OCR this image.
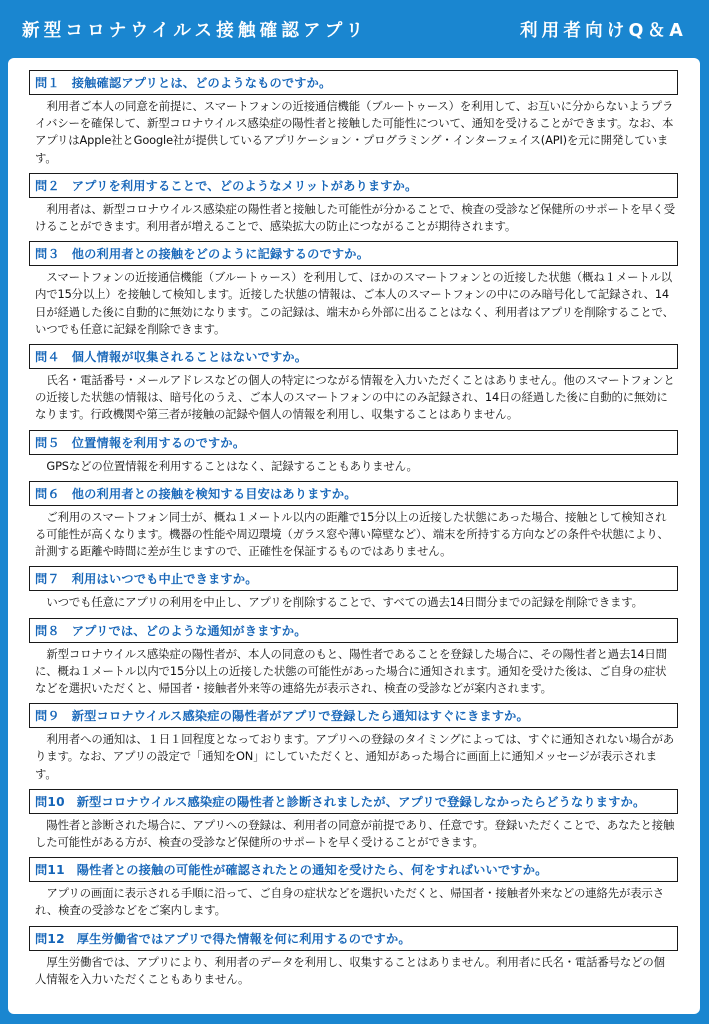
新型コロナウイルス接触確認アプリ	利用者向けQ＆A
問１ 接触確認アプリとは、どのようなものですか。

利用者ご本人の同意を前提に、スマートフォンの近接通信機能（ブルートゥース）を利用して、お互いに分からないようプライバシーを確保して、新型コロナウイルス感染症の陽性者と接触した可能性について、通知を受けることができます。なお、本アプリはApple社とGoogle社が提供しているアプリケーション・プログラミング・インターフェイス(API)を元に開発しています。

問２ アプリを利用することで、どのようなメリットがありますか。

利用者は、新型コロナウイルス感染症の陽性者と接触した可能性が分かることで、検査の受診など保健所のサポートを早く受けることができます。利用者が増えることで、感染拡大の防止につながることが期待されます。

問３ 他の利用者との接触をどのように記録するのですか。

スマートフォンの近接通信機能（ブルートゥース）を利用して、ほかのスマートフォンとの近接した状態（概ね１メートル以内で15分以上）を接触して検知します。近接した状態の情報は、ご本人のスマートフォンの中にのみ暗号化して記録され、14日が経過した後に自動的に無効になります。この記録は、端末から外部に出ることはなく、利用者はアプリを削除することで、いつでも任意に記録を削除できます。

問４ 個人情報が収集されることはないですか。

氏名・電話番号・メールアドレスなどの個人の特定につながる情報を入力いただくことはありません。他のスマートフォンとの近接した状態の情報は、暗号化のうえ、ご本人のスマートフォンの中にのみ記録され、14日の経過した後に自動的に無効になります。行政機関や第三者が接触の記録や個人の情報を利用し、収集することはありません。

問５ 位置情報を利用するのですか。

GPSなどの位置情報を利用することはなく、記録することもありません。

問６ 他の利用者との接触を検知する目安はありますか。

ご利用のスマートフォン同士が、概ね１メートル以内の距離で15分以上の近接した状態にあった場合、接触として検知される可能性が高くなります。機器の性能や周辺環境（ガラス窓や薄い障壁など）、端末を所持する方向などの条件や状態により、計測する距離や時間に差が生じますので、正確性を保証するものではありません。

問７ 利用はいつでも中止できますか。

いつでも任意にアプリの利用を中止し、アプリを削除することで、すべての過去14日間分までの記録を削除できます。

問８ アプリでは、どのような通知がきますか。

新型コロナウイルス感染症の陽性者が、本人の同意のもと、陽性者であることを登録した場合に、その陽性者と過去14日間に、概ね１メートル以内で15分以上の近接した状態の可能性があった場合に通知されます。通知を受けた後は、ご自身の症状などを選択いただくと、帰国者・接触者外来等の連絡先が表示され、検査の受診などが案内されます。

問９ 新型コロナウイルス感染症の陽性者がアプリで登録したら通知はすぐにきますか。

利用者への通知は、１日１回程度となっております。アプリへの登録のタイミングによっては、すぐに通知されない場合があります。なお、アプリの設定で「通知をON」にしていただくと、通知があった場合に画面上に通知メッセージが表示されます。

問10 新型コロナウイルス感染症の陽性者と診断されましたが、アプリで登録しなかったらどうなりますか。

陽性者と診断された場合に、アプリへの登録は、利用者の同意が前提であり、任意です。登録いただくことで、あなたと接触した可能性がある方が、検査の受診など保健所のサポートを早く受けることができます。

問11 陽性者との接触の可能性が確認されたとの通知を受けたら、何をすればいいですか。

アプリの画面に表示される手順に沿って、ご自身の症状などを選択いただくと、帰国者・接触者外来などの連絡先が表示され、検査の受診などをご案内します。

問12 厚生労働省ではアプリで得た情報を何に利用するのですか。

厚生労働省では、アプリにより、利用者のデータを利用し、収集することはありません。利用者に氏名・電話番号などの個人情報を入力いただくこともありません。
